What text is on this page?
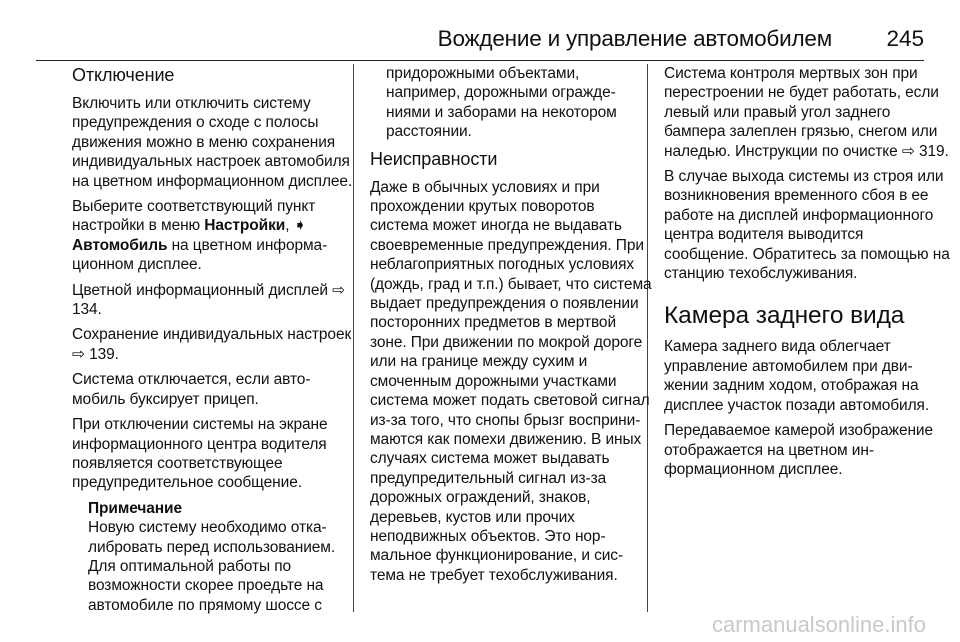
Вождение и управление автомобилем 245
Отключение

Включить или отключить систему предупреждения о сходе с полосы движения можно в меню сохранения индивидуальных настроек автомобиля на цветном информационном дисплее.

Выберите соответствующий пункт настройки в меню Настройки, ➧ Автомобиль на цветном информационном дисплее.

Цветной информационный дисплей ⇨ 134.

Сохранение индивидуальных настроек ⇨ 139.

Система отключается, если автомобиль буксирует прицеп.

При отключении системы на экране информационного центра водителя появляется соответствующее предупредительное сообщение.

Примечание

Новую систему необходимо откалибровать перед использованием. Для оптимальной работы по возможности скорее проедьте на автомобиле по прямому шоссе с

придорожными объектами, например, дорожными ограждениями и заборами на некотором расстоянии.

Неисправности

Даже в обычных условиях и при прохождении крутых поворотов система может иногда не выдавать своевременные предупреждения. При неблагоприятных погодных условиях (дождь, град и т.п.) бывает, что система выдает предупреждения о появлении посторонних предметов в мертвой зоне. При движении по мокрой дороге или на границе между сухим и смоченным дорожными участками система может подать световой сигнал из-за того, что снопы брызг воспринимаются как помехи движению. В иных случаях система может выдавать предупредительный сигнал из-за дорожных ограждений, знаков, деревьев, кустов или прочих неподвижных объектов. Это нормальное функционирование, и система не требует техобслуживания.

Система контроля мертвых зон при перестроении не будет работать, если левый или правый угол заднего бампера залеплен грязью, снегом или наледью. Инструкции по очистке ⇨ 319.

В случае выхода системы из строя или возникновения временного сбоя в ее работе на дисплей информационного центра водителя выводится сообщение. Обратитесь за помощью на станцию техобслуживания.

Камера заднего вида

Камера заднего вида облегчает управление автомобилем при движении задним ходом, отображая на дисплее участок позади автомобиля.

Передаваемое камерой изображение отображается на цветном информационном дисплее.

carmanualsonline.info
